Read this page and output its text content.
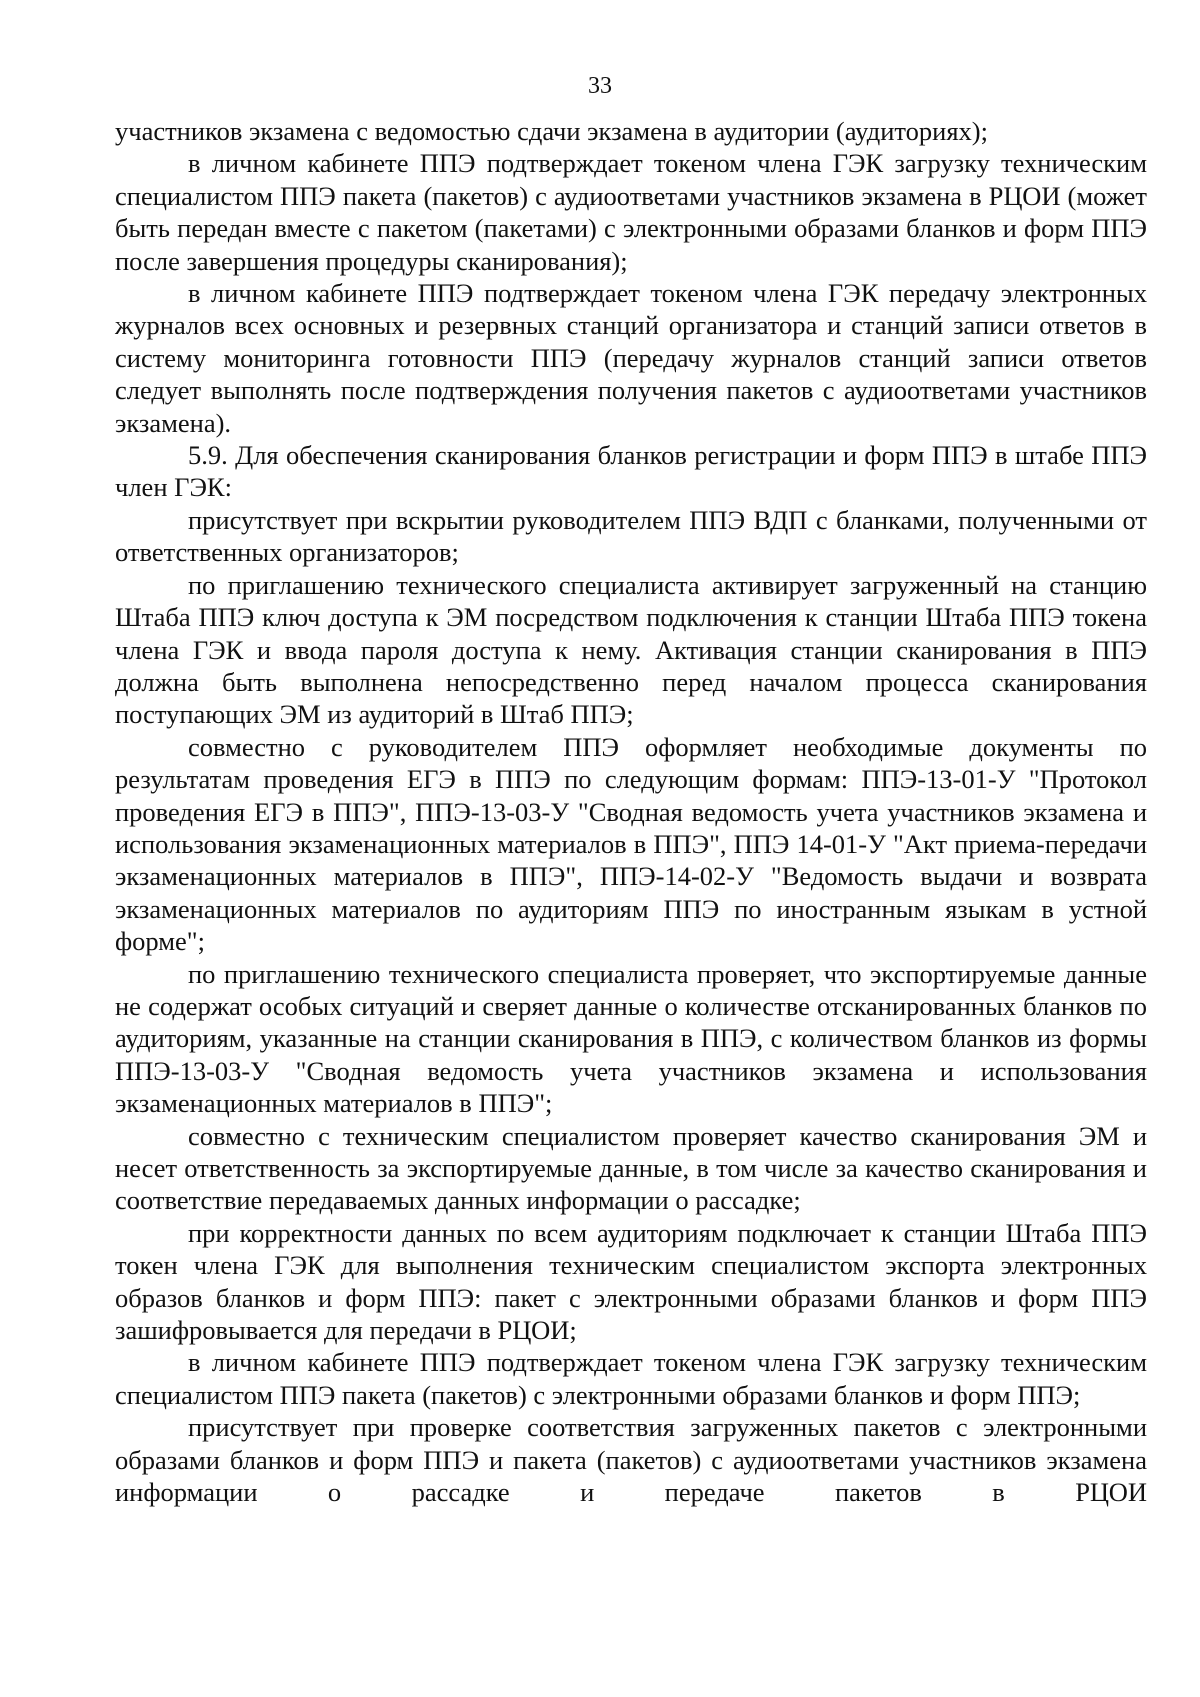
33

участников экзамена с ведомостью сдачи экзамена в аудитории (аудиториях);

в личном кабинете ППЭ подтверждает токеном члена ГЭК загрузку техническим специалистом ППЭ пакета (пакетов) с аудиоответами участников экзамена в РЦОИ (может быть передан вместе с пакетом (пакетами) с электронными образами бланков и форм ППЭ после завершения процедуры сканирования);

в личном кабинете ППЭ подтверждает токеном члена ГЭК передачу электронных журналов всех основных и резервных станций организатора и станций записи ответов в систему мониторинга готовности ППЭ (передачу журналов станций записи ответов следует выполнять после подтверждения получения пакетов с аудиоответами участников экзамена).

5.9. Для обеспечения сканирования бланков регистрации и форм ППЭ в штабе ППЭ член ГЭК:

присутствует при вскрытии руководителем ППЭ ВДП с бланками, полученными от ответственных организаторов;

по приглашению технического специалиста активирует загруженный на станцию Штаба ППЭ ключ доступа к ЭМ посредством подключения к станции Штаба ППЭ токена члена ГЭК и ввода пароля доступа к нему. Активация станции сканирования в ППЭ должна быть выполнена непосредственно перед началом процесса сканирования поступающих ЭМ из аудиторий в Штаб ППЭ;

совместно с руководителем ППЭ оформляет необходимые документы по результатам проведения ЕГЭ в ППЭ по следующим формам: ППЭ-13-01-У "Протокол проведения ЕГЭ в ППЭ", ППЭ-13-03-У "Сводная ведомость учета участников экзамена и использования экзаменационных материалов в ППЭ", ППЭ 14-01-У "Акт приема-передачи экзаменационных материалов в ППЭ", ППЭ-14-02-У "Ведомость выдачи и возврата экзаменационных материалов по аудиториям ППЭ по иностранным языкам в устной форме";

по приглашению технического специалиста проверяет, что экспортируемые данные не содержат особых ситуаций и сверяет данные о количестве отсканированных бланков по аудиториям, указанные на станции сканирования в ППЭ, с количеством бланков из формы ППЭ-13-03-У "Сводная ведомость учета участников экзамена и использования экзаменационных материалов в ППЭ";

совместно с техническим специалистом проверяет качество сканирования ЭМ и несет ответственность за экспортируемые данные, в том числе за качество сканирования и соответствие передаваемых данных информации о рассадке;

при корректности данных по всем аудиториям подключает к станции Штаба ППЭ токен члена ГЭК для выполнения техническим специалистом экспорта электронных образов бланков и форм ППЭ: пакет с электронными образами бланков и форм ППЭ зашифровывается для передачи в РЦОИ;

в личном кабинете ППЭ подтверждает токеном члена ГЭК загрузку техническим специалистом ППЭ пакета (пакетов) с электронными образами бланков и форм ППЭ;

присутствует при проверке соответствия загруженных пакетов с электронными образами бланков и форм ППЭ и пакета (пакетов) с аудиоответами участников экзамена информации о рассадке и передаче пакетов в РЦОИ
